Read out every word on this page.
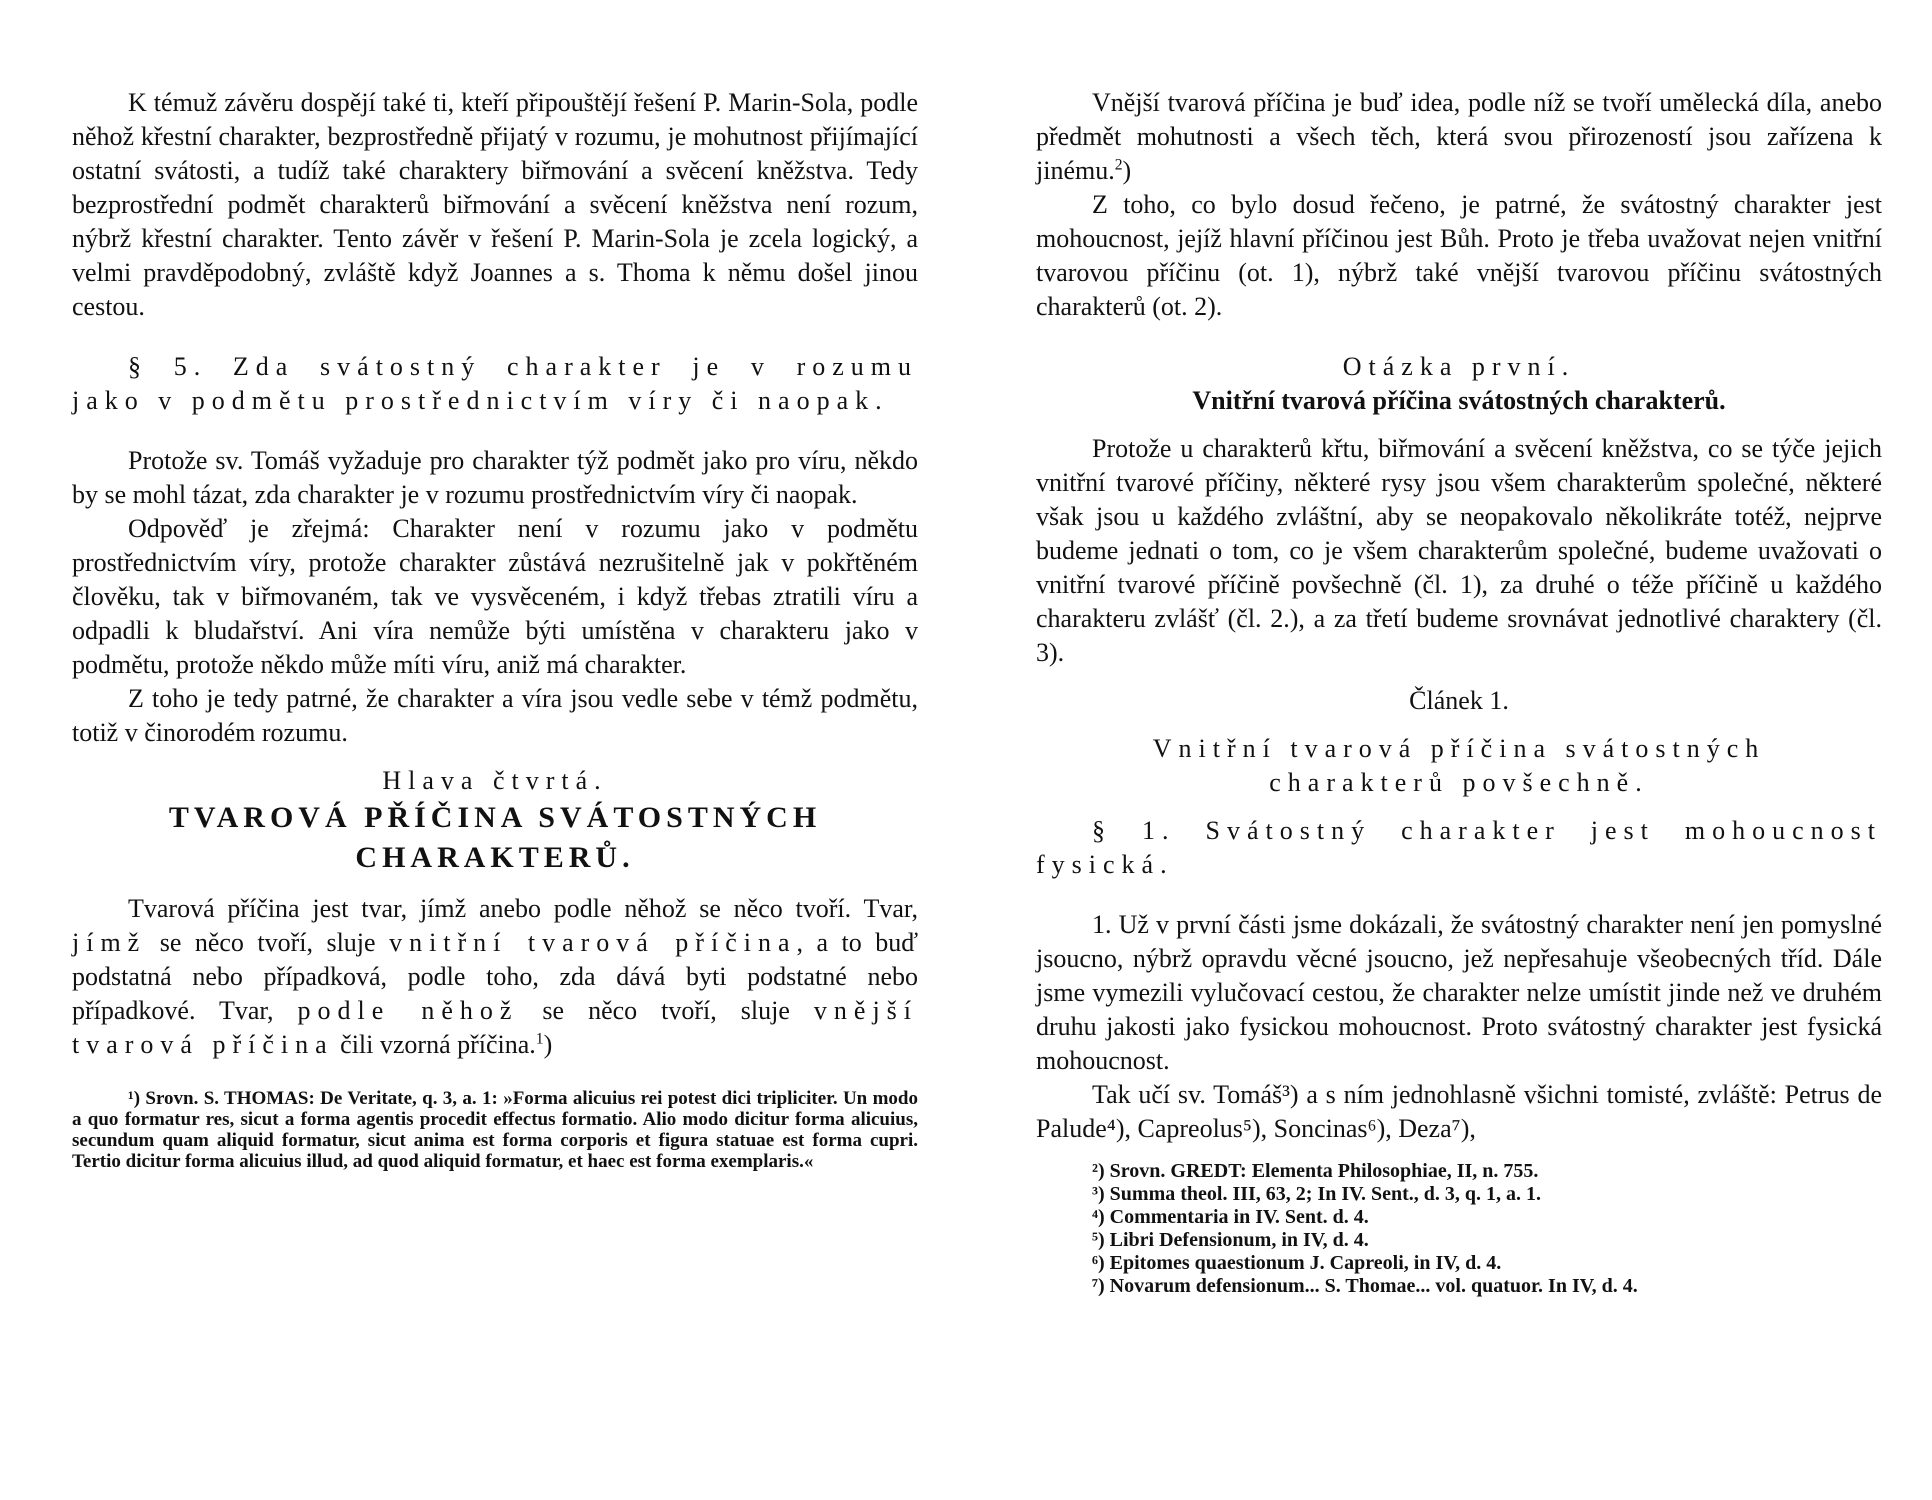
K témuž závěru dospějí také ti, kteří připouštějí řešení P. Marin-Sola, podle něhož křestní charakter, bezprostředně přijatý v rozumu, je mohutnost přijímající ostatní svátosti, a tudíž také charaktery biřmování a svěcení kněžstva. Tedy bezprostřední podmět charakterů biřmování a svěcení kněžstva není rozum, nýbrž křestní charakter. Tento závěr v řešení P. Marin-Sola je zcela logický, a velmi pravděpodobný, zvláště když Joannes a s. Thoma k němu došel jinou cestou.

§ 5. Zda svátostný charakter je v rozumu jako v podmětu prostřednictvím víry či naopak.

Protože sv. Tomáš vyžaduje pro charakter týž podmět jako pro víru, někdo by se mohl tázat, zda charakter je v rozumu prostřednictvím víry či naopak.

Odpověď je zřejmá: Charakter není v rozumu jako v podmětu prostřednictvím víry, protože charakter zůstává nezrušitelně jak v pokřtěném člověku, tak v biřmovaném, tak ve vysvěceném, i když třebas ztratili víru a odpadli k bludařství. Ani víra nemůže býti umístěna v charakteru jako v podmětu, protože někdo může míti víru, aniž má charakter.

Z toho je tedy patrné, že charakter a víra jsou vedle sebe v témž podmětu, totiž v činorodém rozumu.

Hlava čtvrtá.

TVAROVÁ PŘÍČINA SVÁTOSTNÝCH
CHARAKTERŮ.

Tvarová příčina jest tvar, jímž anebo podle něhož se něco tvoří. Tvar, jímž se něco tvoří, sluje vnitřní tvarová příčina, a to buď podstatná nebo případková, podle toho, zda dává byti podstatné nebo případkové. Tvar, podle něhož se něco tvoří, sluje vnější tvarová příčina čili vzorná příčina.$^1$)

¹) Srovn. S. THOMAS: De Veritate, q. 3, a. 1: »Forma alicuius rei potest dici tripliciter. Un modo a quo formatur res, sicut a forma agentis procedit effectus formatio. Alio modo dicitur forma alicuius, secundum quam aliquid formatur, sicut anima est forma corporis et figura statuae est forma cupri. Tertio dicitur forma alicuius illud, ad quod aliquid formatur, et haec est forma exemplaris.«

Vnější tvarová příčina je buď idea, podle níž se tvoří umělecká díla, anebo předmět mohutnosti a všech těch, která svou přirozeností jsou zařízena k jinému.$^2$)

Z toho, co bylo dosud řečeno, je patrné, že svátostný charakter jest mohoucnost, jejíž hlavní příčinou jest Bůh. Proto je třeba uvažovat nejen vnitřní tvarovou příčinu (ot. 1), nýbrž také vnější tvarovou příčinu svátostných charakterů (ot. 2).

Otázka první.

Vnitřní tvarová příčina svátostných charakterů.

Protože u charakterů křtu, biřmování a svěcení kněžstva, co se týče jejich vnitřní tvarové příčiny, některé rysy jsou všem charakterům společné, některé však jsou u každého zvláštní, aby se neopakovalo několikráte totéž, nejprve budeme jednati o tom, co je všem charakterům společné, budeme uvažovati o vnitřní tvarové příčině povšechně (čl. 1), za druhé o téže příčině u každého charakteru zvlášť (čl. 2.), a za třetí budeme srovnávat jednotlivé charaktery (čl. 3).

Článek 1.

Vnitřní tvarová příčina svátostných
charakterů povšechně.

§ 1. Svátostný charakter jest mohoucnost fysická.

1. Už v první části jsme dokázali, že svátostný charakter není jen pomyslné jsoucno, nýbrž opravdu věcné jsoucno, jež nepřesahuje všeobecných tříd. Dále jsme vymezili vylučovací cestou, že charakter nelze umístit jinde než ve druhém druhu jakosti jako fysickou mohoucnost. Proto svátostný charakter jest fysická mohoucnost.

Tak učí sv. Tomáš³) a s ním jednohlasně všichni tomisté, zvláště: Petrus de Palude⁴), Capreolus⁵), Soncinas⁶), Deza⁷),

²) Srovn. GREDT: Elementa Philosophiae, II, n. 755.
³) Summa theol. III, 63, 2; In IV. Sent., d. 3, q. 1, a. 1.
⁴) Commentaria in IV. Sent. d. 4.
⁵) Libri Defensionum, in IV, d. 4.
⁶) Epitomes quaestionum J. Capreoli, in IV, d. 4.
⁷) Novarum defensionum... S. Thomae... vol. quatuor. In IV, d. 4.
